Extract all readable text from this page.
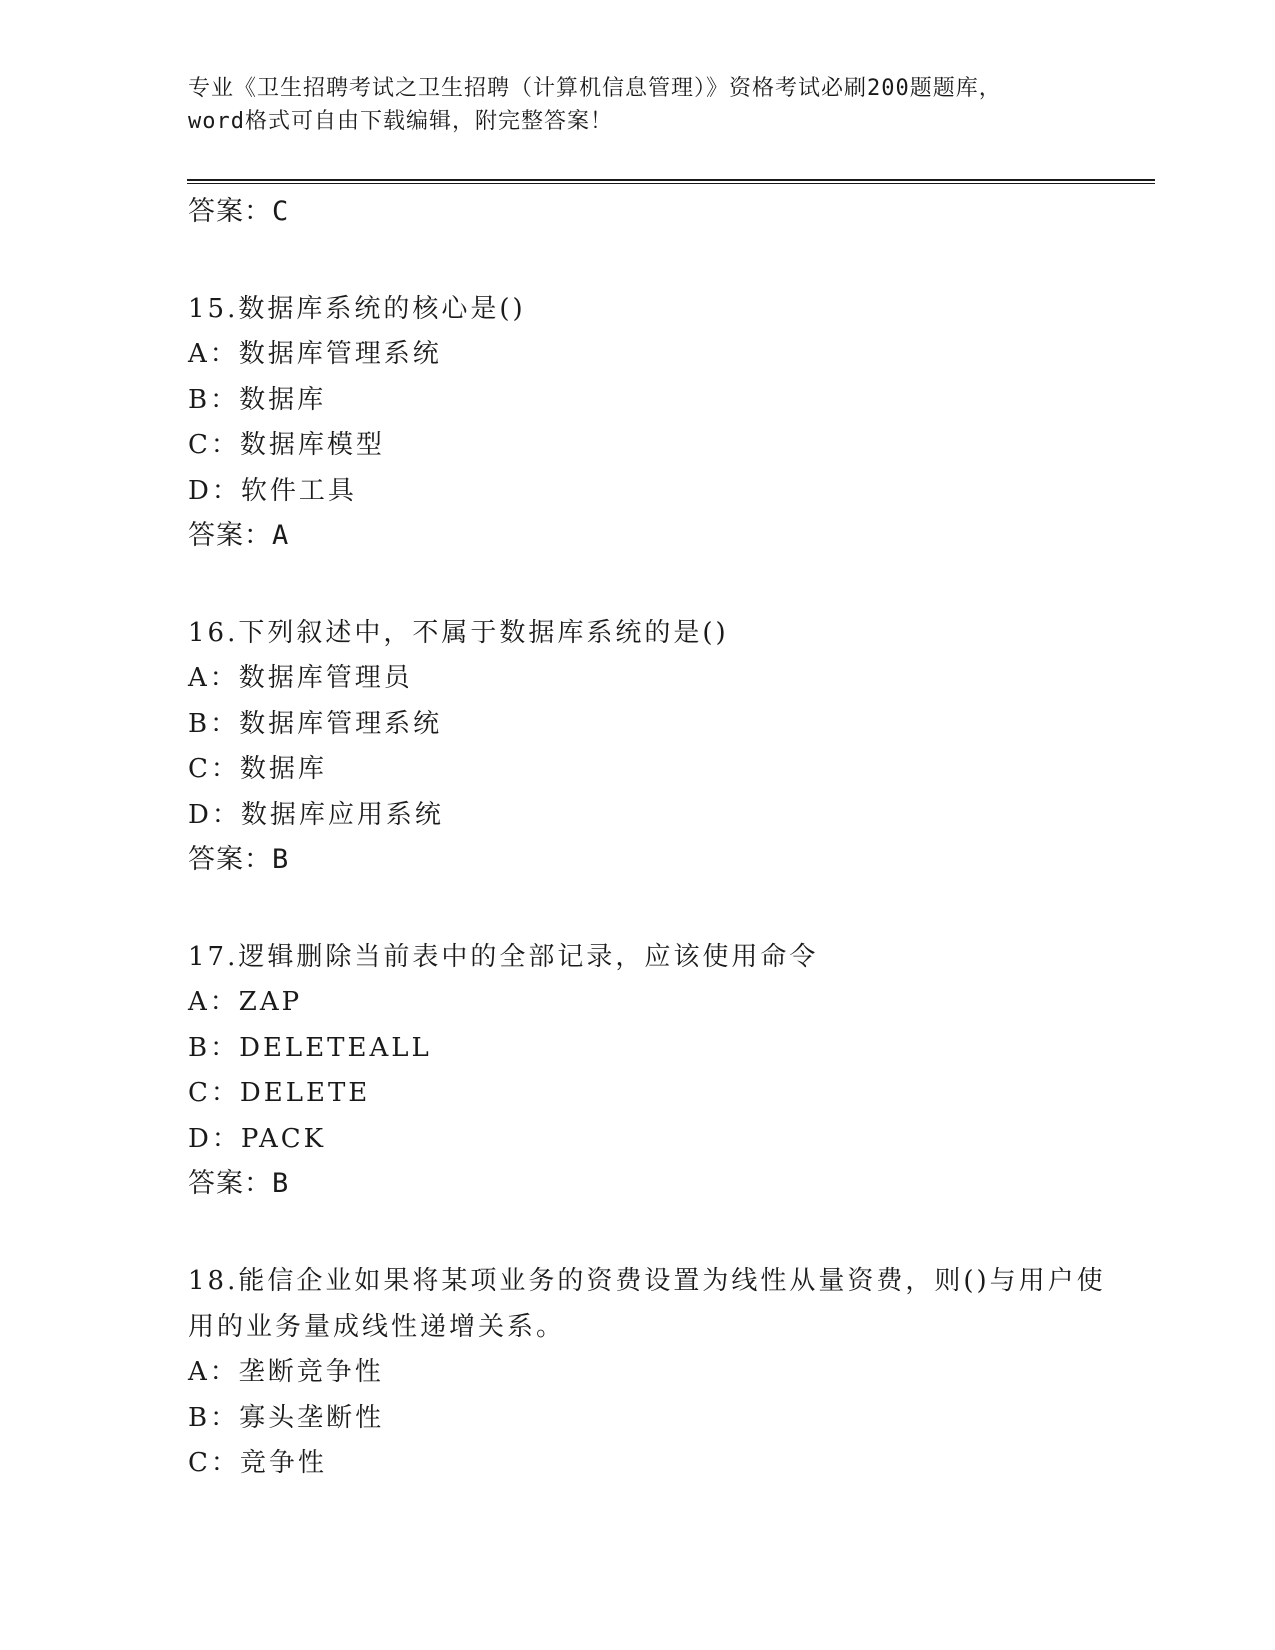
专业《卫生招聘考试之卫生招聘（计算机信息管理）》资格考试必刷200题题库，
word格式可自由下载编辑，附完整答案！
答案：C
15.数据库系统的核心是()
A：数据库管理系统
B：数据库
C：数据库模型
D：软件工具
答案：A
16.下列叙述中，不属于数据库系统的是()
A：数据库管理员
B：数据库管理系统
C：数据库
D：数据库应用系统
答案：B
17.逻辑删除当前表中的全部记录，应该使用命令
A：ZAP
B：DELETEALL
C：DELETE
D：PACK
答案：B
18.能信企业如果将某项业务的资费设置为线性从量资费，则()与用户使用的业务量成线性递增关系。
A：垄断竞争性
B：寡头垄断性
C：竞争性
